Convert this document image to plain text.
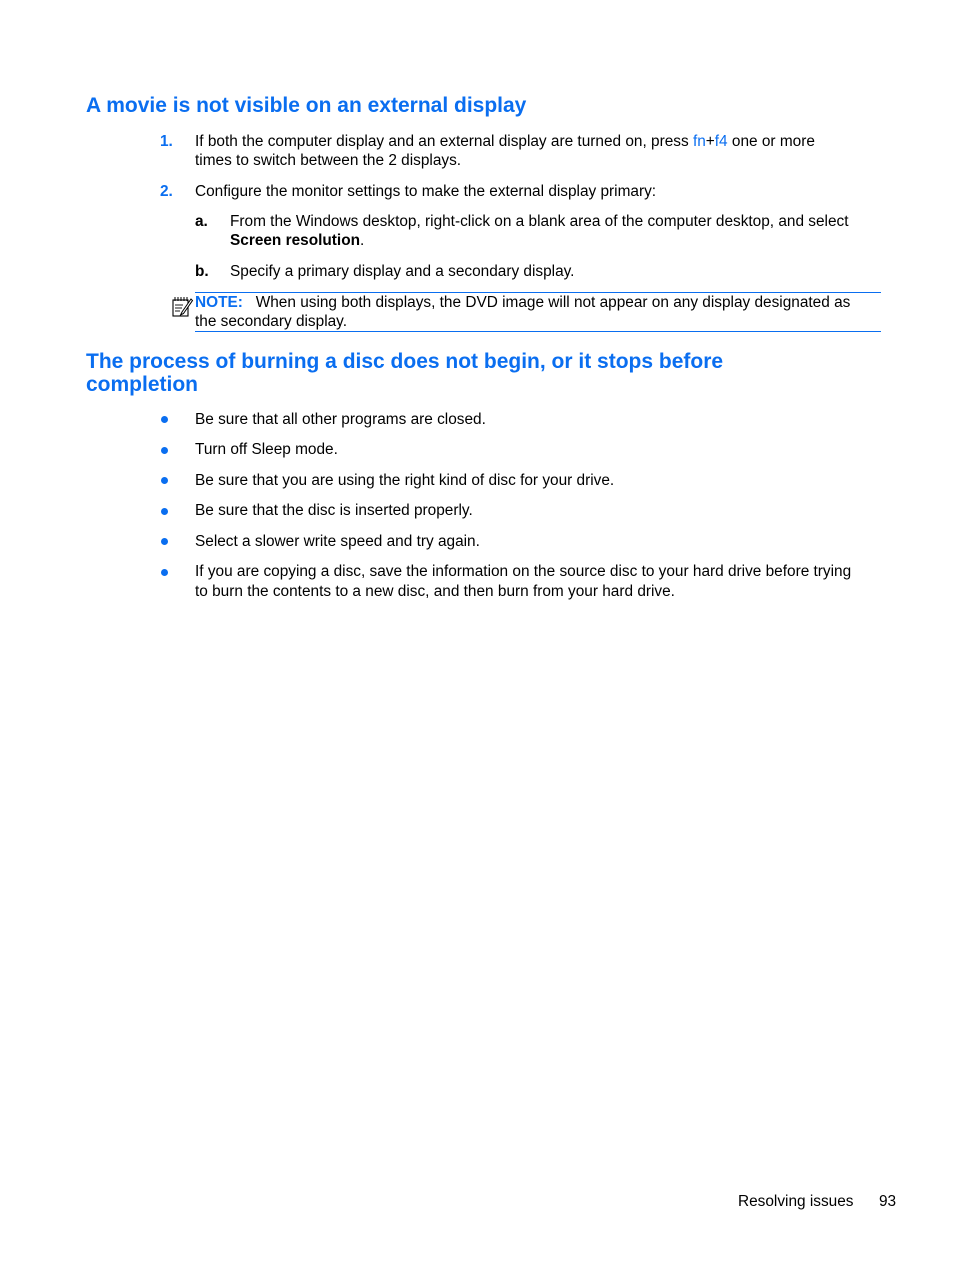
A movie is not visible on an external display
1. If both the computer display and an external display are turned on, press fn+f4 one or more

times to switch between the 2 displays.

2. Configure the monitor settings to make the external display primary:

a. From the Windows desktop, right-click on a blank area of the computer desktop, and select

Screen resolution.

b. Specify a primary display and a secondary display.

NOTE: When using both displays, the DVD image will not appear on any display designated as

the secondary display.

The process of burning a disc does not begin, or it stops before
completion

Be sure that all other programs are closed.

Turn off Sleep mode.

Be sure that you are using the right kind of disc for your drive.

Be sure that the disc is inserted properly.

Select a slower write speed and try again.

If you are copying a disc, save the information on the source disc to your hard drive before trying

to burn the contents to a new disc, and then burn from your hard drive.

Resolving issues 93
